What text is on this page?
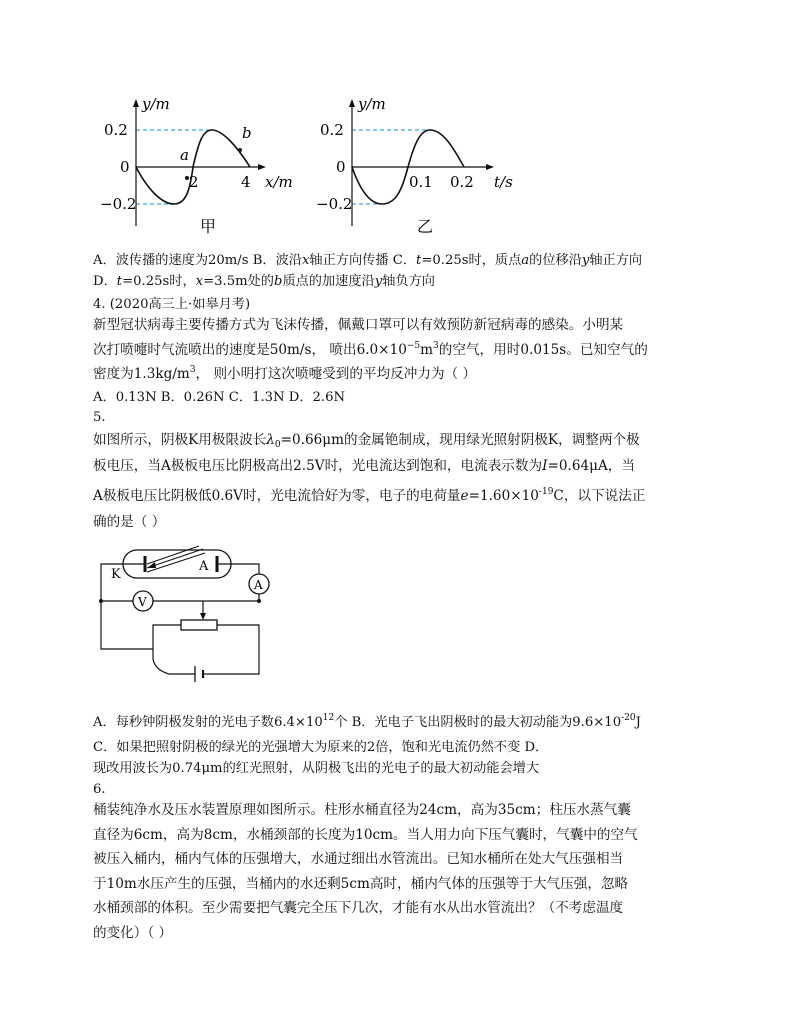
y/m
0.2
0
−0.2
2	4 x/m
a
b
甲
y/m
0.2
0
−0.2
0.1 0.2 t/s
乙
A．波传播的速度为20m/s B．波沿x轴正方向传播 C．t=0.25s时，质点a的位移沿y轴正方向
D．t=0.25s时，x=3.5m处的b质点的加速度沿y轴负方向
4. (2020高三上·如皋月考)
新型冠状病毒主要传播方式为飞沫传播，佩戴口罩可以有效预防新冠病毒的感染。小明某
次打喷嚏时气流喷出的速度是50m/s， 喷出$6.0\times 10^{-5}m^3$的空气，用时0.015s。已知空气的
密度为$1.3kg/m^3$， 则小明打这次喷嚏受到的平均反冲力为（ ）
A．0.13N B．0.26N C．1.3N D．2.6N
5.
如图所示，阴极K用极限波长$\lambda_0=0.66\mu m$的金属铯制成，现用绿光照射阴极K，调整两个极
板电压，当A极板电压比阴极高出2.5V时，光电流达到饱和，电流表示数为I=0.64μA，当
A极板电压比阴极低0.6V时，光电流恰好为零，电子的电荷量$e=1.60\times 10^{-19}C$，以下说法正
确的是（ ）
K
A
A
V
A．每秒钟阴极发射的光电子数$6.4\times 10^{12}$个 B．光电子飞出阴极时的最大初动能为$9.6\times 10^{-20}J$
C．如果把照射阴极的绿光的光强增大为原来的2倍，饱和光电流仍然不变 D．
现改用波长为0.74μm的红光照射，从阴极飞出的光电子的最大初动能会增大
6.
桶装纯净水及压水装置原理如图所示。柱形水桶直径为24cm，高为35cm；柱压水蒸气囊
直径为6cm，高为8cm，水桶颈部的长度为10cm。当人用力向下压气囊时，气囊中的空气
被压入桶内，桶内气体的压强增大，水通过细出水管流出。已知水桶所在处大气压强相当
于10m水压产生的压强，当桶内的水还剩5cm高时，桶内气体的压强等于大气压强，忽略
水桶颈部的体积。至少需要把气囊完全压下几次，才能有水从出水管流出？（不考虑温度
的变化）（ ）
